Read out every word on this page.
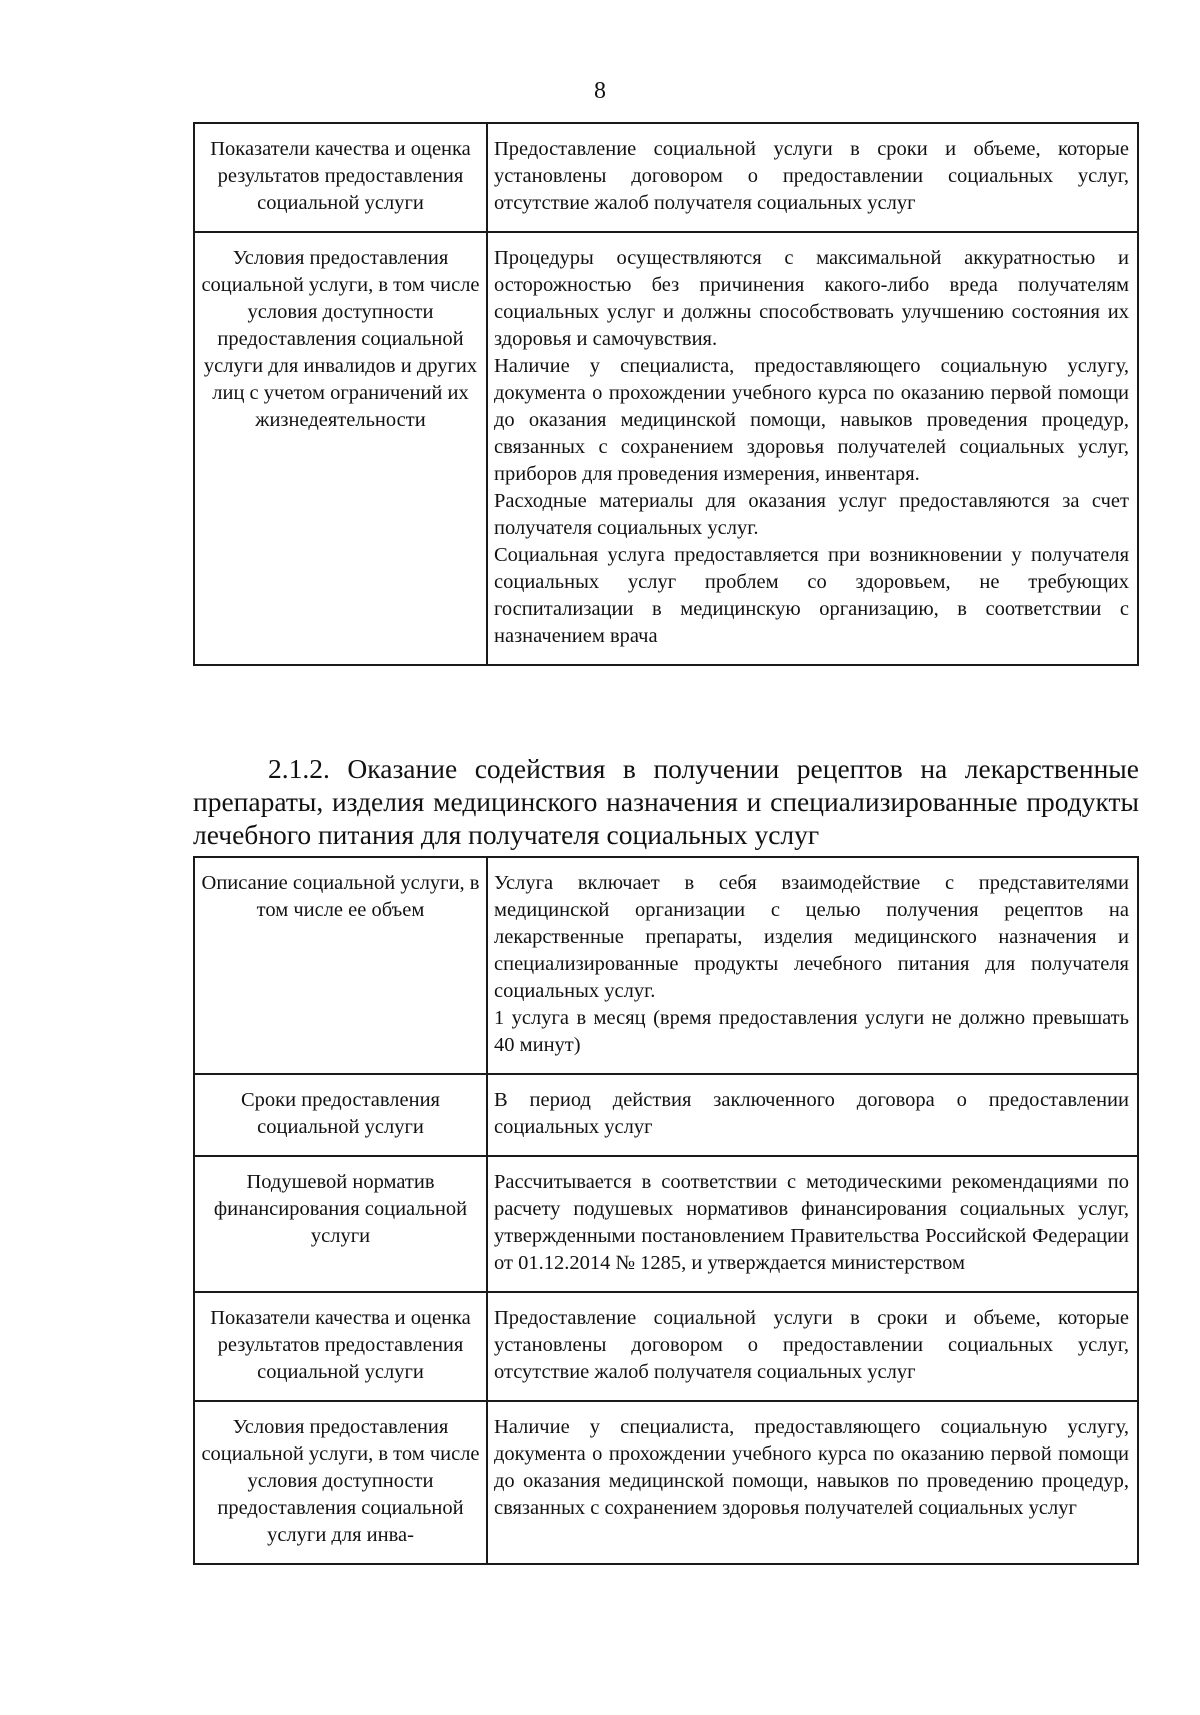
8
Показатели качества и оценка результатов предоставления социальной услуги	Предоставление социальной услуги в сроки и объеме, которые установлены договором о предоставлении социальных услуг, отсутствие жалоб получателя социальных услуг

Условия предоставления социальной услуги, в том числе условия доступности предоставления социальной услуги для инвалидов и других лиц с учетом ограничений их жизнедеятельности	Процедуры осуществляются с максимальной аккуратностью и осторожностью без причинения какого-либо вреда получателям социальных услуг и должны способствовать улучшению состояния их здоровья и самочувствия.

Наличие у специалиста, предоставляющего социальную услугу, документа о прохождении учебного курса по оказанию первой помощи до оказания медицинской помощи, навыков проведения процедур, связанных с сохранением здоровья получателей социальных услуг, приборов для проведения измерения, инвентаря.

Расходные материалы для оказания услуг предоставляются за счет получателя социальных услуг.

Социальная услуга предоставляется при возникновении у получателя социальных услуг проблем со здоровьем, не требующих госпитализации в медицинскую организацию, в соответствии с назначением врача

2.1.2. Оказание содействия в получении рецептов на лекарственные препараты, изделия медицинского назначения и специализированные продукты лечебного питания для получателя социальных услуг

Описание социальной услуги, в том числе ее объем	Услуга включает в себя взаимодействие с представителями медицинской организации с целью получения рецептов на лекарственные препараты, изделия медицинского назначения и специализированные продукты лечебного питания для получателя социальных услуг.

1 услуга в месяц (время предоставления услуги не должно превышать 40 минут)

Сроки предоставления социальной услуги	В период действия заключенного договора о предоставлении социальных услуг

Подушевой норматив финансирования социальной услуги	Рассчитывается в соответствии с методическими рекомендациями по расчету подушевых нормативов финансирования социальных услуг, утвержденными постановлением Правительства Российской Федерации от 01.12.2014 № 1285, и утверждается министерством

Показатели качества и оценка результатов предоставления социальной услуги	Предоставление социальной услуги в сроки и объеме, которые установлены договором о предоставлении социальных услуг, отсутствие жалоб получателя социальных услуг

Условия предоставления социальной услуги, в том числе условия доступности предоставления социальной услуги для инва-	Наличие у специалиста, предоставляющего социальную услугу, документа о прохождении учебного курса по оказанию первой помощи до оказания медицинской помощи, навыков по проведению процедур, связанных с сохранением здоровья получателей социальных услуг
